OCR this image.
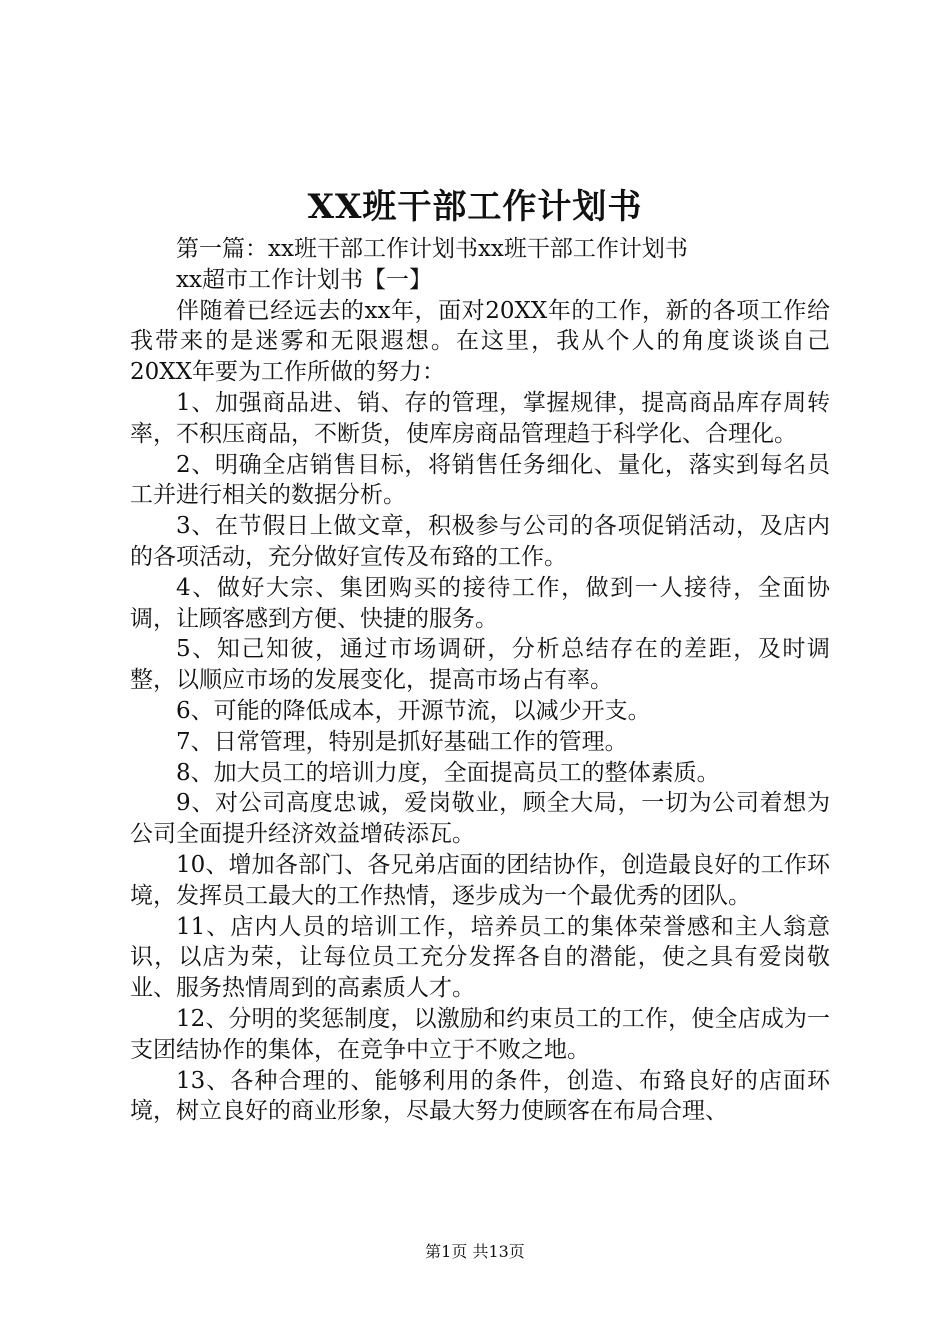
XX班干部工作计划书

第一篇：xx班干部工作计划书xx班干部工作计划书

xx超市工作计划书【一】

伴随着已经远去的xx年，面对20XX年的工作，新的各项工作给我带来的是迷雾和无限遐想。在这里，我从个人的角度谈谈自己20XX年要为工作所做的努力：

1、加强商品进、销、存的管理，掌握规律，提高商品库存周转率，不积压商品，不断货，使库房商品管理趋于科学化、合理化。

2、明确全店销售目标，将销售任务细化、量化，落实到每名员工并进行相关的数据分析。

3、在节假日上做文章，积极参与公司的各项促销活动，及店内的各项活动，充分做好宣传及布臵的工作。

4、做好大宗、集团购买的接待工作，做到一人接待，全面协调，让顾客感到方便、快捷的服务。

5、知己知彼，通过市场调研，分析总结存在的差距，及时调整，以顺应市场的发展变化，提高市场占有率。

6、可能的降低成本，开源节流，以减少开支。

7、日常管理，特别是抓好基础工作的管理。

8、加大员工的培训力度，全面提高员工的整体素质。

9、对公司高度忠诚，爱岗敬业，顾全大局，一切为公司着想为公司全面提升经济效益增砖添瓦。

10、增加各部门、各兄弟店面的团结协作，创造最良好的工作环境，发挥员工最大的工作热情，逐步成为一个最优秀的团队。

11、店内人员的培训工作，培养员工的集体荣誉感和主人翁意识，以店为荣，让每位员工充分发挥各自的潜能，使之具有爱岗敬业、服务热情周到的高素质人才。

12、分明的奖惩制度，以激励和约束员工的工作，使全店成为一支团结协作的集体，在竞争中立于不败之地。

13、各种合理的、能够利用的条件，创造、布臵良好的店面环境，树立良好的商业形象，尽最大努力使顾客在布局合理、

第1页 共13页
